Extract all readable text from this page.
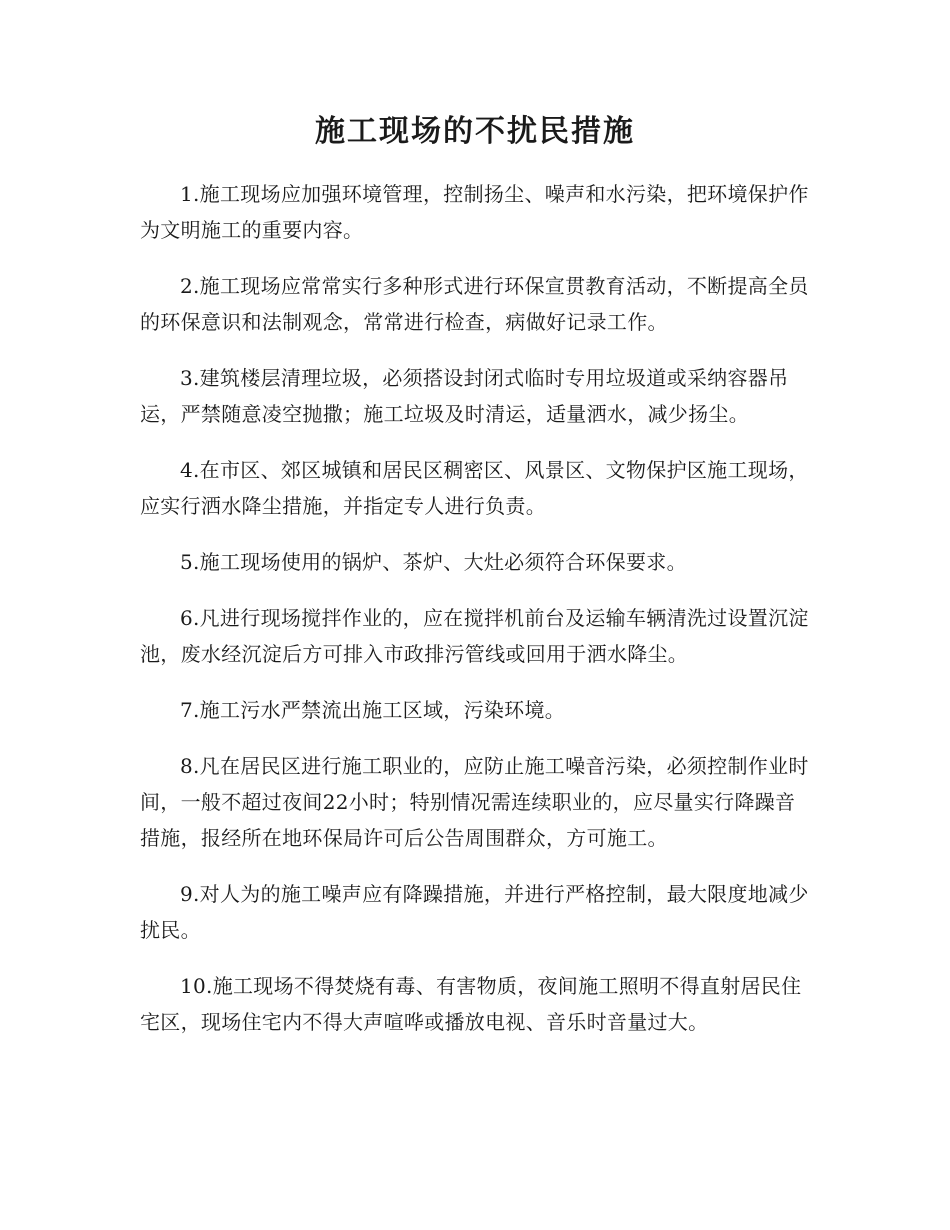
施工现场的不扰民措施

1.施工现场应加强环境管理，控制扬尘、噪声和水污染，把环境保护作为文明施工的重要内容。

2.施工现场应常常实行多种形式进行环保宣贯教育活动，不断提高全员的环保意识和法制观念，常常进行检查，病做好记录工作。

3.建筑楼层清理垃圾，必须搭设封闭式临时专用垃圾道或采纳容器吊运，严禁随意凌空抛撒；施工垃圾及时清运，适量洒水，减少扬尘。

4.在市区、郊区城镇和居民区稠密区、风景区、文物保护区施工现场，应实行洒水降尘措施，并指定专人进行负责。

5.施工现场使用的锅炉、茶炉、大灶必须符合环保要求。

6.凡进行现场搅拌作业的，应在搅拌机前台及运输车辆清洗过设置沉淀池，废水经沉淀后方可排入市政排污管线或回用于洒水降尘。

7.施工污水严禁流出施工区域，污染环境。

8.凡在居民区进行施工职业的，应防止施工噪音污染，必须控制作业时间，一般不超过夜间22小时；特别情况需连续职业的，应尽量实行降躁音措施，报经所在地环保局许可后公告周围群众，方可施工。

9.对人为的施工噪声应有降躁措施，并进行严格控制，最大限度地减少扰民。

10.施工现场不得焚烧有毒、有害物质，夜间施工照明不得直射居民住宅区，现场住宅内不得大声喧哗或播放电视、音乐时音量过大。
